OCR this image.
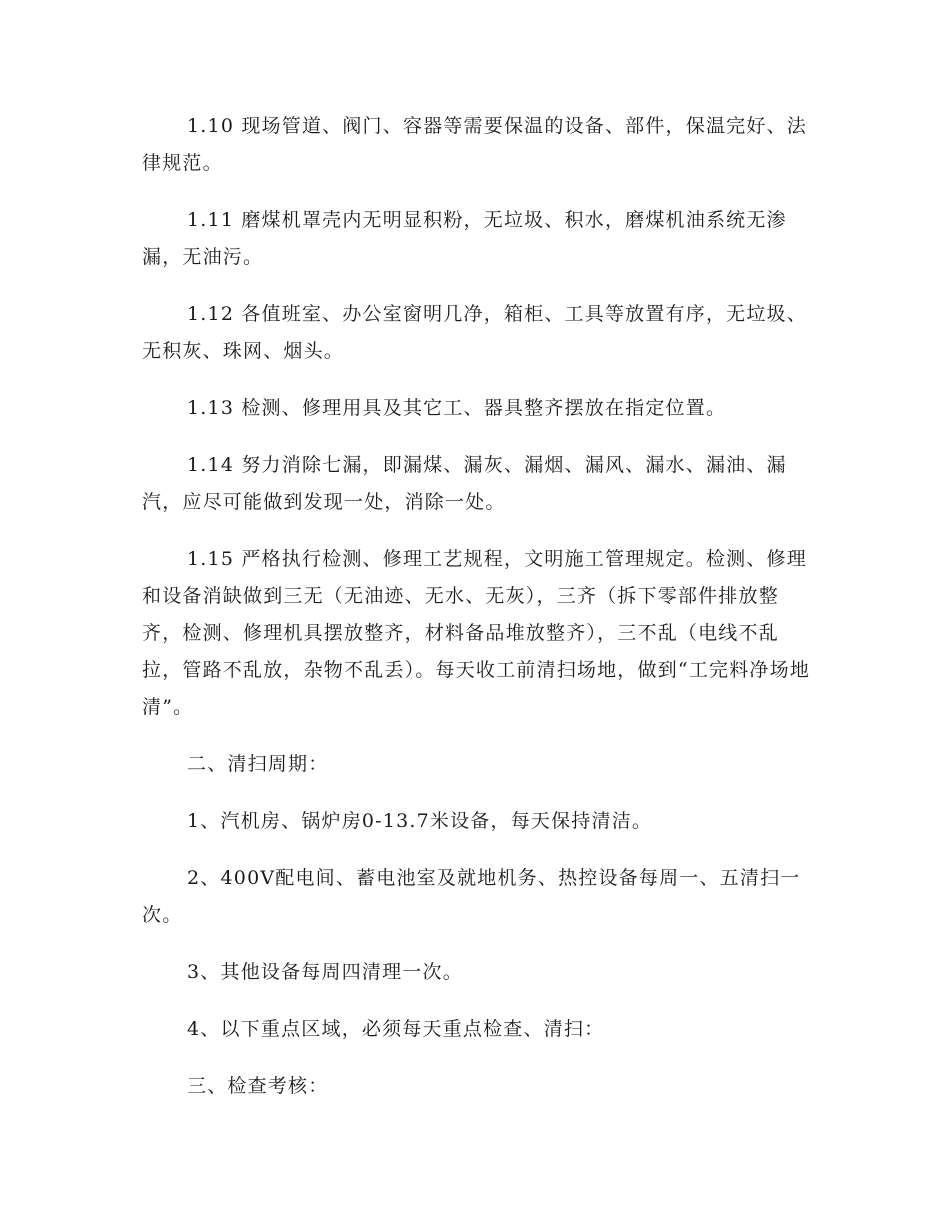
1.10 现场管道、阀门、容器等需要保温的设备、部件，保温完好、法律规范。

1.11 磨煤机罩壳内无明显积粉，无垃圾、积水，磨煤机油系统无渗漏，无油污。

1.12 各值班室、办公室窗明几净，箱柜、工具等放置有序，无垃圾、无积灰、珠网、烟头。

1.13 检测、修理用具及其它工、器具整齐摆放在指定位置。

1.14 努力消除七漏，即漏煤、漏灰、漏烟、漏风、漏水、漏油、漏汽，应尽可能做到发现一处，消除一处。

1.15 严格执行检测、修理工艺规程，文明施工管理规定。检测、修理和设备消缺做到三无（无油迹、无水、无灰），三齐（拆下零部件排放整齐，检测、修理机具摆放整齐，材料备品堆放整齐），三不乱（电线不乱拉，管路不乱放，杂物不乱丢）。每天收工前清扫场地，做到“工完料净场地清”。

二、清扫周期：

1、汽机房、锅炉房0-13.7米设备，每天保持清洁。

2、400V配电间、蓄电池室及就地机务、热控设备每周一、五清扫一次。

3、其他设备每周四清理一次。

4、以下重点区域，必须每天重点检查、清扫：

三、检查考核：
